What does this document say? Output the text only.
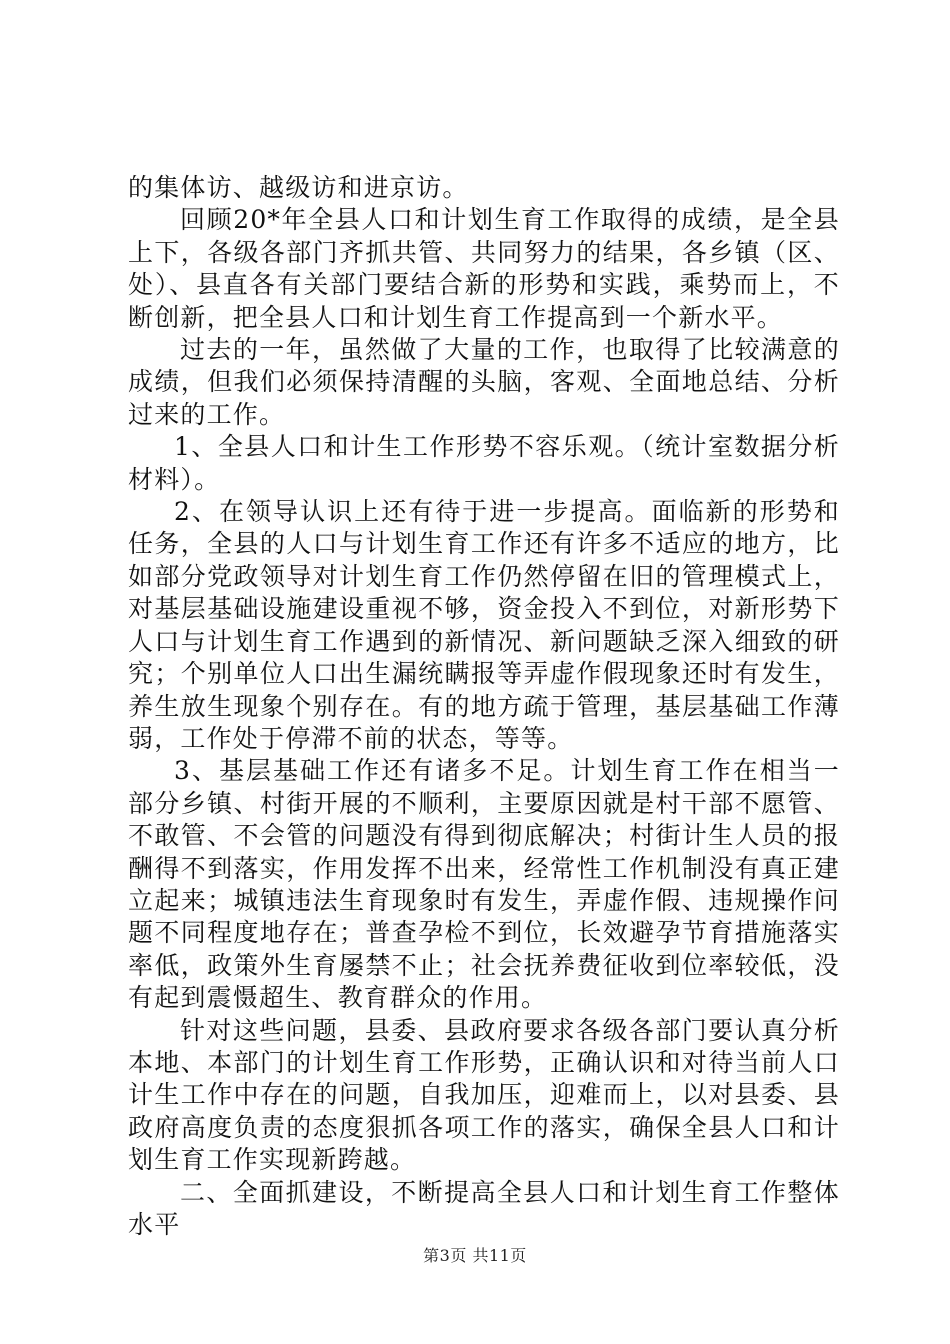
的集体访、越级访和进京访。

回顾20*年全县人口和计划生育工作取得的成绩，是全县上下，各级各部门齐抓共管、共同努力的结果，各乡镇（区、处）、县直各有关部门要结合新的形势和实践，乘势而上，不断创新，把全县人口和计划生育工作提高到一个新水平。

过去的一年，虽然做了大量的工作，也取得了比较满意的成绩，但我们必须保持清醒的头脑，客观、全面地总结、分析过来的工作。

1、全县人口和计生工作形势不容乐观。（统计室数据分析材料）。

2、在领导认识上还有待于进一步提高。面临新的形势和任务，全县的人口与计划生育工作还有许多不适应的地方，比如部分党政领导对计划生育工作仍然停留在旧的管理模式上，对基层基础设施建设重视不够，资金投入不到位，对新形势下人口与计划生育工作遇到的新情况、新问题缺乏深入细致的研究；个别单位人口出生漏统瞒报等弄虚作假现象还时有发生，养生放生现象个别存在。有的地方疏于管理，基层基础工作薄弱，工作处于停滞不前的状态，等等。

3、基层基础工作还有诸多不足。计划生育工作在相当一部分乡镇、村街开展的不顺利，主要原因就是村干部不愿管、不敢管、不会管的问题没有得到彻底解决；村街计生人员的报酬得不到落实，作用发挥不出来，经常性工作机制没有真正建立起来；城镇违法生育现象时有发生，弄虚作假、违规操作问题不同程度地存在；普查孕检不到位，长效避孕节育措施落实率低，政策外生育屡禁不止；社会抚养费征收到位率较低，没有起到震慑超生、教育群众的作用。

针对这些问题，县委、县政府要求各级各部门要认真分析本地、本部门的计划生育工作形势，正确认识和对待当前人口计生工作中存在的问题，自我加压，迎难而上，以对县委、县政府高度负责的态度狠抓各项工作的落实，确保全县人口和计划生育工作实现新跨越。

二、全面抓建设，不断提高全县人口和计划生育工作整体水平

第3页 共11页
